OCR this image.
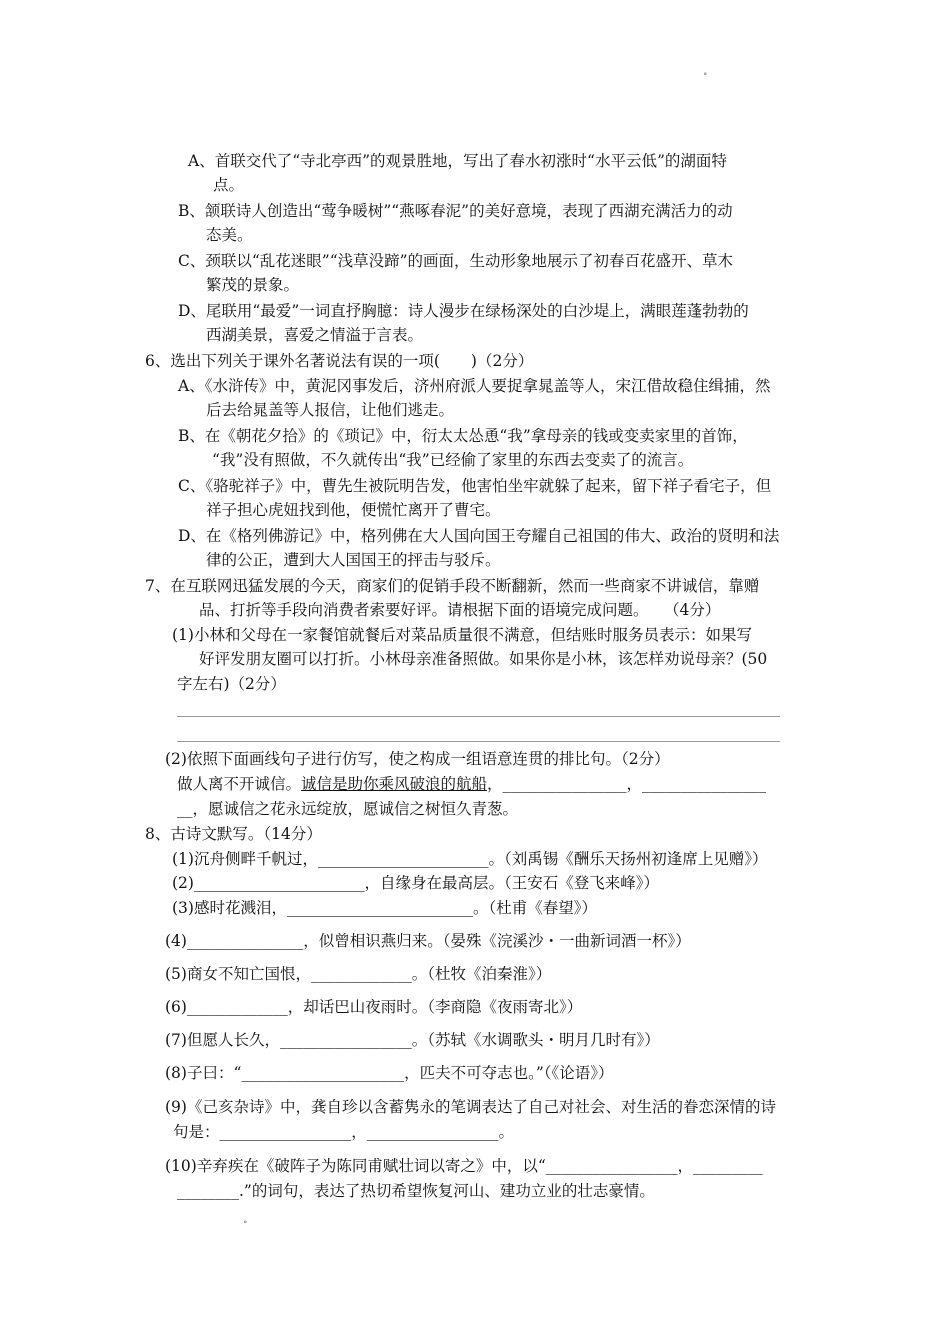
˚
A、首联交代了“寺北亭西”的观景胜地，写出了春水初涨时“水平云低”的湖面特
点。
B、颔联诗人创造出“莺争暖树”“燕啄春泥”的美好意境，表现了西湖充满活力的动
态美。
C、颈联以“乱花迷眼”“浅草没蹄”的画面，生动形象地展示了初春百花盛开、草木
繁茂的景象。
D、尾联用“最爱”一词直抒胸臆：诗人漫步在绿杨深处的白沙堤上，满眼莲蓬勃勃的
西湖美景，喜爱之情溢于言表。
6、选出下列关于课外名著说法有误的一项(　　)（2分）
A、《水浒传》中，黄泥冈事发后，济州府派人要捉拿晁盖等人，宋江借故稳住缉捕，然
后去给晁盖等人报信，让他们逃走。
B、在《朝花夕拾》的《琐记》中，衍太太怂恿“我”拿母亲的钱或变卖家里的首饰，
“我”没有照做，不久就传出“我”已经偷了家里的东西去变卖了的流言。
C、《骆驼祥子》中，曹先生被阮明告发，他害怕坐牢就躲了起来，留下祥子看宅子，但
祥子担心虎妞找到他，便慌忙离开了曹宅。
D、在《格列佛游记》中，格列佛在大人国向国王夸耀自己祖国的伟大、政治的贤明和法
律的公正，遭到大人国国王的抨击与驳斥。
7、在互联网迅猛发展的今天，商家们的促销手段不断翻新，然而一些商家不讲诚信，靠赠
品、打折等手段向消费者索要好评。请根据下面的语境完成问题。　　（4分）
(1)小林和父母在一家餐馆就餐后对菜品质量很不满意，但结账时服务员表示：如果写
好评发朋友圈可以打折。小林母亲准备照做。如果你是小林，该怎样劝说母亲？(50
字左右)（2分）
(2)依照下面画线句子进行仿写，使之构成一组语意连贯的排比句。（2分）
做人离不开诚信。诚信是助你乘风破浪的航船，________________，________________
__，愿诚信之花永远绽放，愿诚信之树恒久青葱。
8、古诗文默写。（14分）
(1)沉舟侧畔千帆过，______________________。（刘禹锡《酬乐天扬州初逢席上见赠》）
(2)______________________，自缘身在最高层。（王安石《登飞来峰》）
(3)感时花溅泪，________________________。（杜甫《春望》）
(4)_______________，似曾相识燕归来。（晏殊《浣溪沙・一曲新词酒一杯》）
(5)商女不知亡国恨，_____________。（杜牧《泊秦淮》）
(6)_____________，却话巴山夜雨时。（李商隐《夜雨寄北》）
(7)但愿人长久，_________________。（苏轼《水调歌头・明月几时有》）
(8)子曰：“_____________________，匹夫不可夺志也。”（《论语》）
(9)《己亥杂诗》中，龚自珍以含蓄隽永的笔调表达了自己对社会、对生活的眷恋深情的诗
句是：_________________，_________________。
(10)辛弃疾在《破阵子为陈同甫赋壮词以寄之》中，以“_________________，_________
________.”的词句，表达了热切希望恢复河山、建功立业的壮志豪情。
˚
